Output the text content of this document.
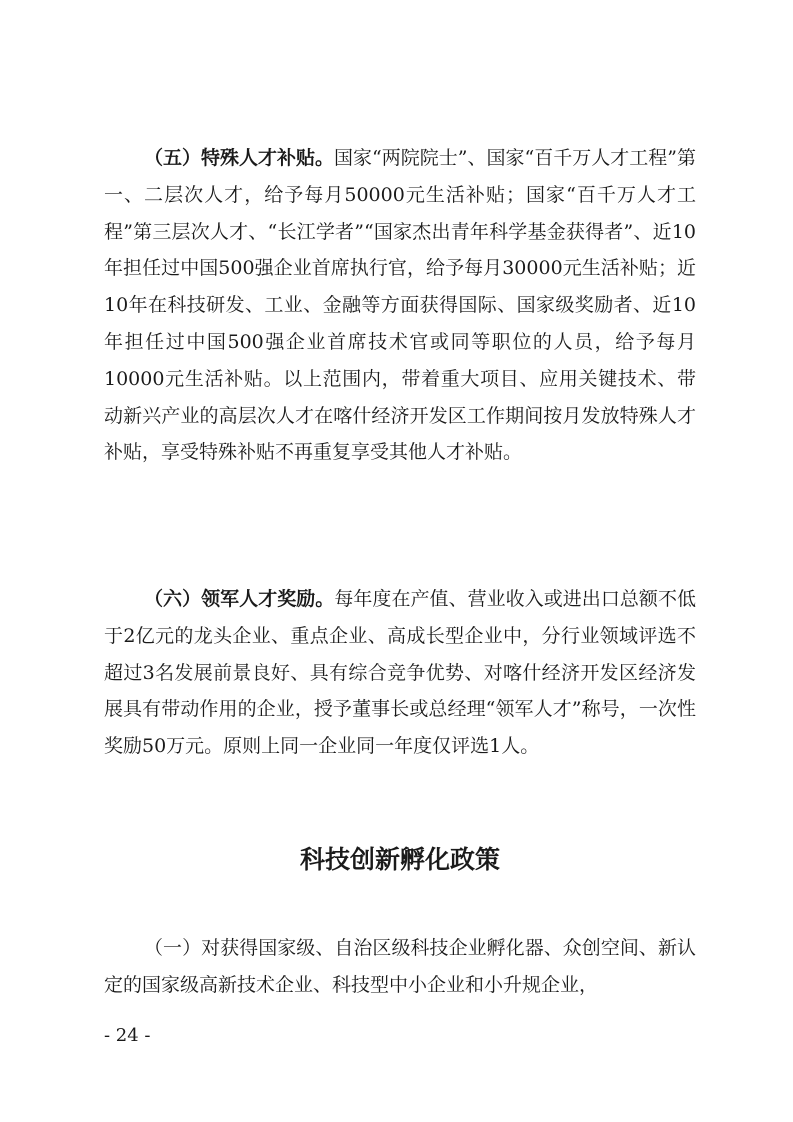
（五）特殊人才补贴。国家“两院院士”、国家“百千万人才工程”第一、二层次人才，给予每月50000元生活补贴；国家“百千万人才工程”第三层次人才、“长江学者”“国家杰出青年科学基金获得者”、近10年担任过中国500强企业首席执行官，给予每月30000元生活补贴；近10年在科技研发、工业、金融等方面获得国际、国家级奖励者、近10年担任过中国500强企业首席技术官或同等职位的人员，给予每月10000元生活补贴。以上范围内，带着重大项目、应用关键技术、带动新兴产业的高层次人才在喀什经济开发区工作期间按月发放特殊人才补贴，享受特殊补贴不再重复享受其他人才补贴。

（六）领军人才奖励。每年度在产值、营业收入或进出口总额不低于2亿元的龙头企业、重点企业、高成长型企业中，分行业领域评选不超过3名发展前景良好、具有综合竞争优势、对喀什经济开发区经济发展具有带动作用的企业，授予董事长或总经理“领军人才”称号，一次性奖励50万元。原则上同一企业同一年度仅评选1人。

科技创新孵化政策

（一）对获得国家级、自治区级科技企业孵化器、众创空间、新认定的国家级高新技术企业、科技型中小企业和小升规企业，

- 24 -
